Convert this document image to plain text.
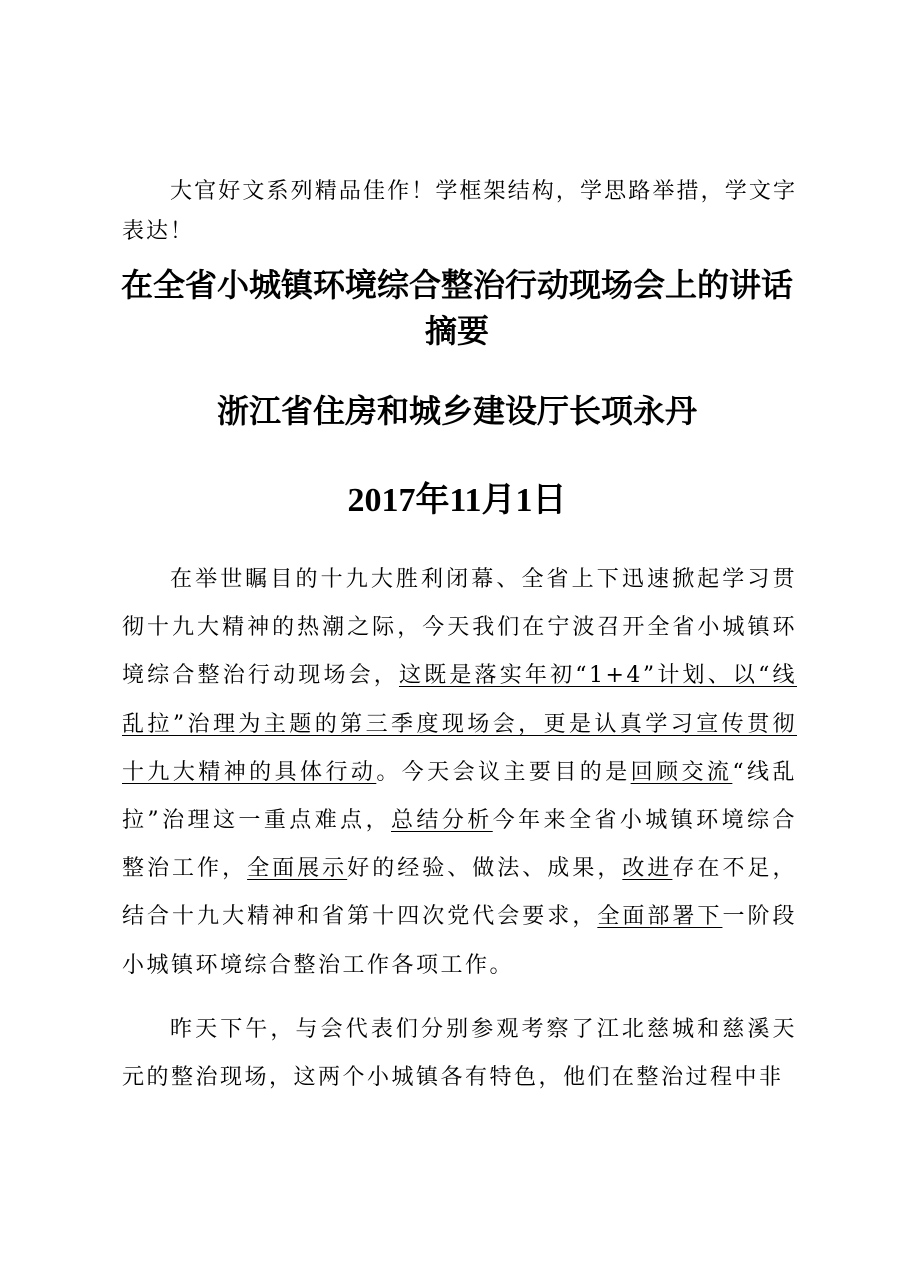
大官好文系列精品佳作！学框架结构，学思路举措，学文字表达！

在全省小城镇环境综合整治行动现场会上的讲话摘要
浙江省住房和城乡建设厅长项永丹
2017年11月1日

在举世瞩目的十九大胜利闭幕、全省上下迅速掀起学习贯彻十九大精神的热潮之际，今天我们在宁波召开全省小城镇环境综合整治行动现场会，这既是落实年初“1+4”计划、以“线乱拉”治理为主题的第三季度现场会，更是认真学习宣传贯彻十九大精神的具体行动。今天会议主要目的是回顾交流“线乱拉”治理这一重点难点，总结分析今年来全省小城镇环境综合整治工作，全面展示好的经验、做法、成果，改进存在不足，结合十九大精神和省第十四次党代会要求，全面部署下一阶段小城镇环境综合整治工作各项工作。

昨天下午，与会代表们分别参观考察了江北慈城和慈溪天元的整治现场，这两个小城镇各有特色，他们在整治过程中非
